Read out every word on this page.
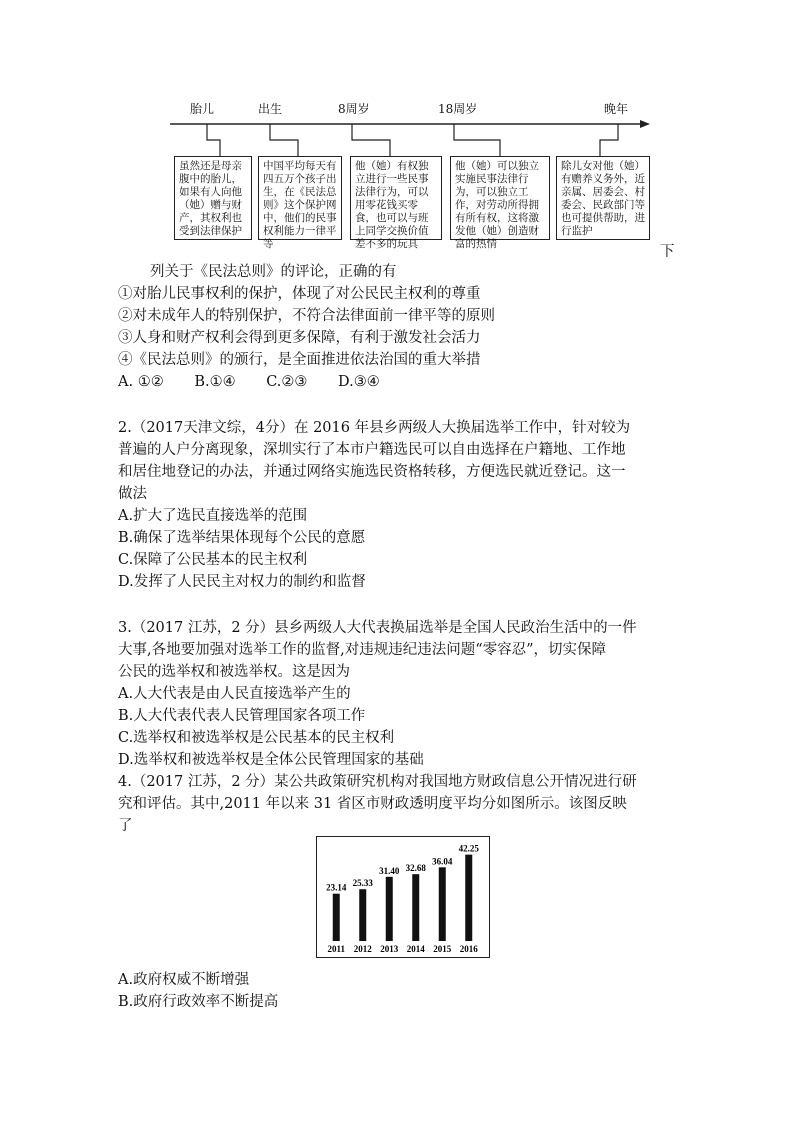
胎儿	出生	8周岁	18周岁	晚年
虽然还是母亲腹中的胎儿，如果有人向他（她）赠与财产，其权利也受到法律保护
中国平均每天有四五万个孩子出生，在《民法总则》这个保护网中，他们的民事权利能力一律平等
他（她）有权独立进行一些民事法律行为，可以用零花钱买零食，也可以与班上同学交换价值差不多的玩具
他（她）可以独立实施民事法律行为，可以独立工作，对劳动所得拥有所有权，这将激发他（她）创造财富的热情
除儿女对他（她）有赡养义务外，近亲属、居委会、村委会、民政部门等也可提供帮助，进行监护
下
列关于《民法总则》的评论，正确的有
①对胎儿民事权利的保护，体现了对公民民主权利的尊重
②对未成年人的特别保护，不符合法律面前一律平等的原则
③人身和财产权利会得到更多保障，有利于激发社会活力
④《民法总则》的颁行，是全面推进依法治国的重大举措
A. ①② B.①④ C.②③ D.③④
2.（2017天津文综，4分）在 2016 年县乡两级人大换届选举工作中，针对较为
普遍的人户分离现象，深圳实行了本市户籍选民可以自由选择在户籍地、工作地
和居住地登记的办法，并通过网络实施选民资格转移，方便选民就近登记。这一
做法
A.扩大了选民直接选举的范围
B.确保了选举结果体现每个公民的意愿
C.保障了公民基本的民主权利
D.发挥了人民民主对权力的制约和监督
3.（2017 江苏，2 分）县乡两级人大代表换届选举是全国人民政治生活中的一件
大事,各地要加强对选举工作的监督,对违规违纪违法问题“零容忍”，切实保障
公民的选举权和被选举权。这是因为
A.人大代表是由人民直接选举产生的
B.人大代表代表人民管理国家各项工作
C.选举权和被选举权是公民基本的民主权利
D.选举权和被选举权是全体公民管理国家的基础
4.（2017 江苏，2 分）某公共政策研究机构对我国地方财政信息公开情况进行研
究和评估。其中,2011 年以来 31 省区市财政透明度平均分如图所示。该图反映
了
23.14
2011
25.33
2012
31.40
2013
32.68
2014
36.04
2015
42.25
2016
A.政府权威不断增强
B.政府行政效率不断提高
